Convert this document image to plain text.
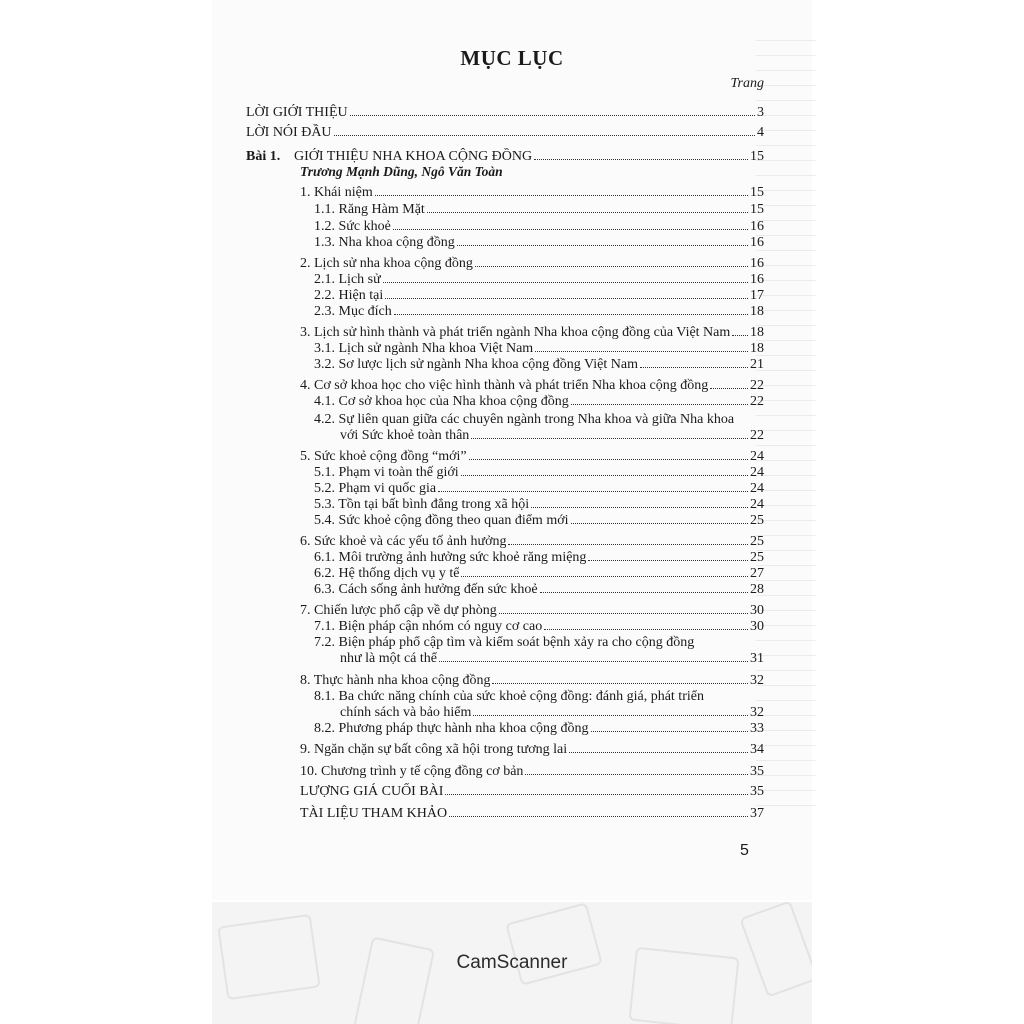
MỤC LỤC
Trang
LỜI GIỚI THIỆU	3
LỜI NÓI ĐẦU	4
Bài 1. GIỚI THIỆU NHA KHOA CỘNG ĐỒNG	15
Trương Mạnh Dũng, Ngô Văn Toàn
1. Khái niệm	15
1.1. Răng Hàm Mặt	15
1.2. Sức khoẻ	16
1.3. Nha khoa cộng đồng	16
2. Lịch sử nha khoa cộng đồng	16
2.1. Lịch sử	16
2.2. Hiện tại	17
2.3. Mục đích	18
3. Lịch sử hình thành và phát triển ngành Nha khoa cộng đồng của Việt Nam 18
3.1. Lịch sử ngành Nha khoa Việt Nam	18
3.2. Sơ lược lịch sử ngành Nha khoa cộng đồng Việt Nam	21
4. Cơ sở khoa học cho việc hình thành và phát triển Nha khoa cộng đồng	22
4.1. Cơ sở khoa học của Nha khoa cộng đồng	22
4.2. Sự liên quan giữa các chuyên ngành trong Nha khoa và giữa Nha khoa
với Sức khoẻ toàn thân	22
5. Sức khoẻ cộng đồng “mới”	24
5.1. Phạm vi toàn thế giới	24
5.2. Phạm vi quốc gia	24
5.3. Tồn tại bất bình đẳng trong xã hội	24
5.4. Sức khoẻ cộng đồng theo quan điểm mới	25
6. Sức khoẻ và các yếu tố ảnh hưởng	25
6.1. Môi trường ảnh hưởng sức khoẻ răng miệng	25
6.2. Hệ thống dịch vụ y tế	27
6.3. Cách sống ảnh hưởng đến sức khoẻ	28
7. Chiến lược phổ cập về dự phòng	30
7.1. Biện pháp cận nhóm có nguy cơ cao	30
7.2. Biện pháp phổ cập tìm và kiểm soát bệnh xảy ra cho cộng đồng
như là một cá thể	31
8. Thực hành nha khoa cộng đồng	32
8.1. Ba chức năng chính của sức khoẻ cộng đồng: đánh giá, phát triển
chính sách và bảo hiểm	32
8.2. Phương pháp thực hành nha khoa cộng đồng	33
9. Ngăn chặn sự bất công xã hội trong tương lai	34
10. Chương trình y tế cộng đồng cơ bản	35
LƯỢNG GIÁ CUỐI BÀI	35
TÀI LIỆU THAM KHẢO	37
5
CamScanner
